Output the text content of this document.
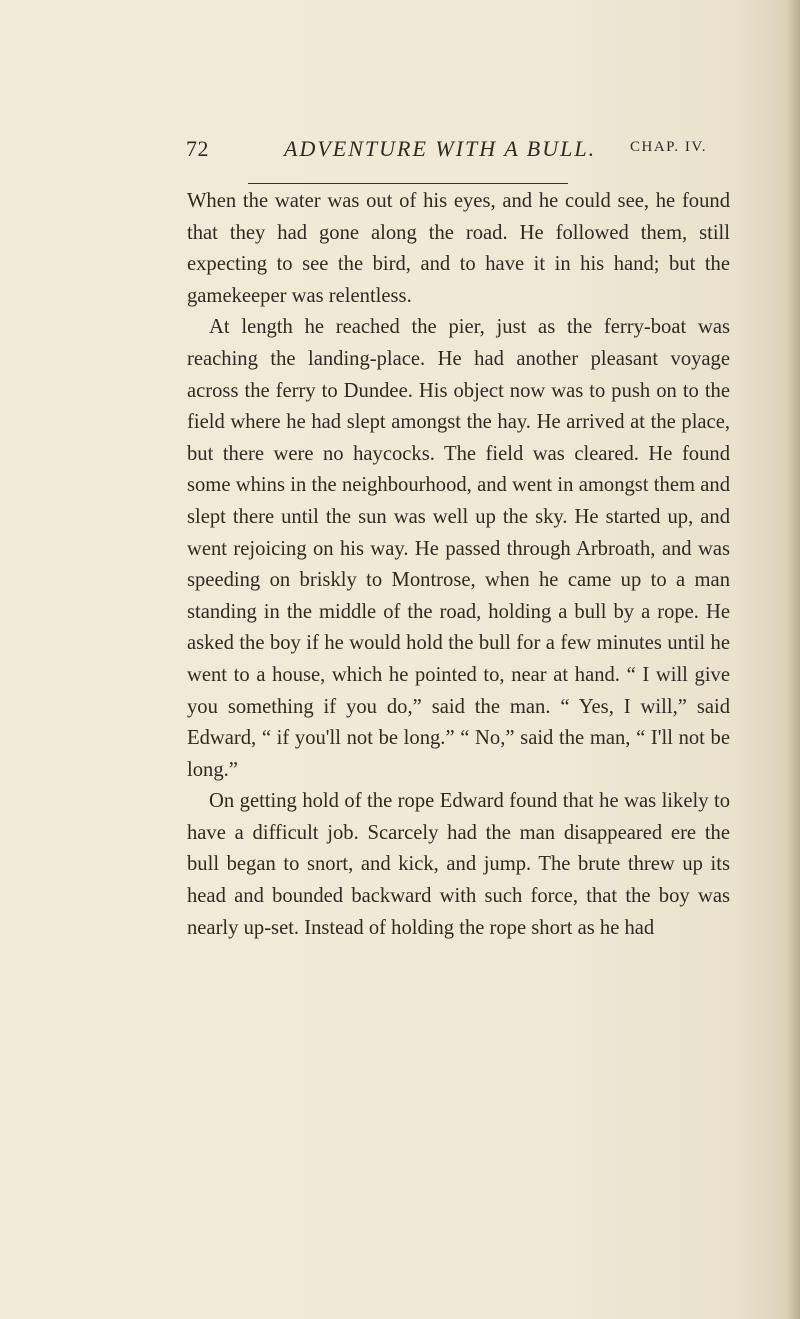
72	ADVENTURE WITH A BULL. CHAP. IV.

When the water was out of his eyes, and he could see, he found that they had gone along the road. He followed them, still expecting to see the bird, and to have it in his hand; but the gamekeeper was relentless.

At length he reached the pier, just as the ferry-boat was reaching the landing-place. He had another pleasant voyage across the ferry to Dundee. His object now was to push on to the field where he had slept amongst the hay. He arrived at the place, but there were no haycocks. The field was cleared. He found some whins in the neighbourhood, and went in amongst them and slept there until the sun was well up the sky. He started up, and went rejoicing on his way. He passed through Arbroath, and was speeding on briskly to Montrose, when he came up to a man standing in the middle of the road, holding a bull by a rope. He asked the boy if he would hold the bull for a few minutes until he went to a house, which he pointed to, near at hand. “ I will give you something if you do,” said the man. “ Yes, I will,” said Edward, “ if you'll not be long.” “ No,” said the man, “ I'll not be long.”

On getting hold of the rope Edward found that he was likely to have a difficult job. Scarcely had the man disappeared ere the bull began to snort, and kick, and jump. The brute threw up its head and bounded backward with such force, that the boy was nearly up-set. Instead of holding the rope short as he had
